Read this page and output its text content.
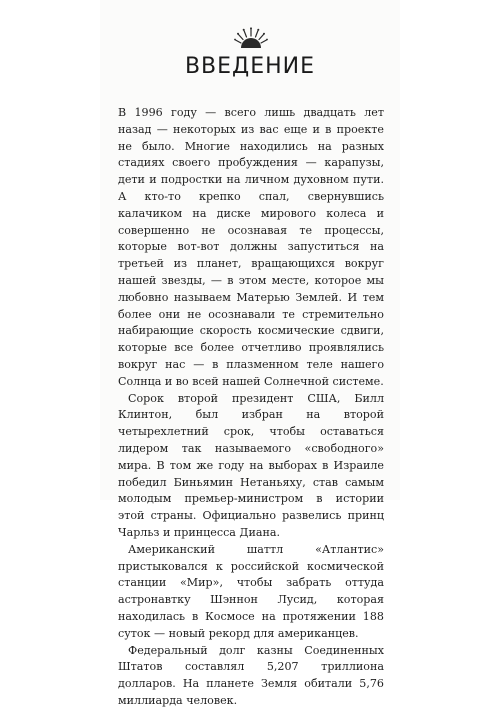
ВВЕДЕНИЕ

В 1996 году — всего лишь двадцать лет назад — некоторых из вас еще и в проекте не было. Многие находились на разных стадиях своего пробуждения — карапузы, дети и подростки на личном духовном пути. А кто-то крепко спал, свернувшись калачиком на диске мирового колеса и совершенно не осознавая те процессы, которые вот-вот должны запуститься на третьей из планет, вращающихся вокруг нашей звезды, — в этом месте, которое мы любовно называем Матерью Землей. И тем более они не осознавали те стремительно набирающие скорость космические сдвиги, которые все более отчетливо проявлялись вокруг нас — в плазменном теле нашего Солнца и во всей нашей Солнечной системе.

Сорок второй президент США, Билл Клинтон, был избран на второй четырехлетний срок, чтобы оставаться лидером так называемого «свободного» мира. В том же году на выборах в Израиле победил Биньямин Нетаньяху, став самым молодым премьер-министром в истории этой страны. Официально развелись принц Чарльз и принцесса Диана.

Американский шаттл «Атлантис» пристыковался к российской космической станции «Мир», чтобы забрать оттуда астронавтку Шэннон Лусид, которая находилась в Космосе на протяжении 188 суток — новый рекорд для американцев.

Федеральный долг казны Соединенных Штатов составлял 5,207 триллиона долларов. На планете Земля обитали 5,76 миллиарда человек.
